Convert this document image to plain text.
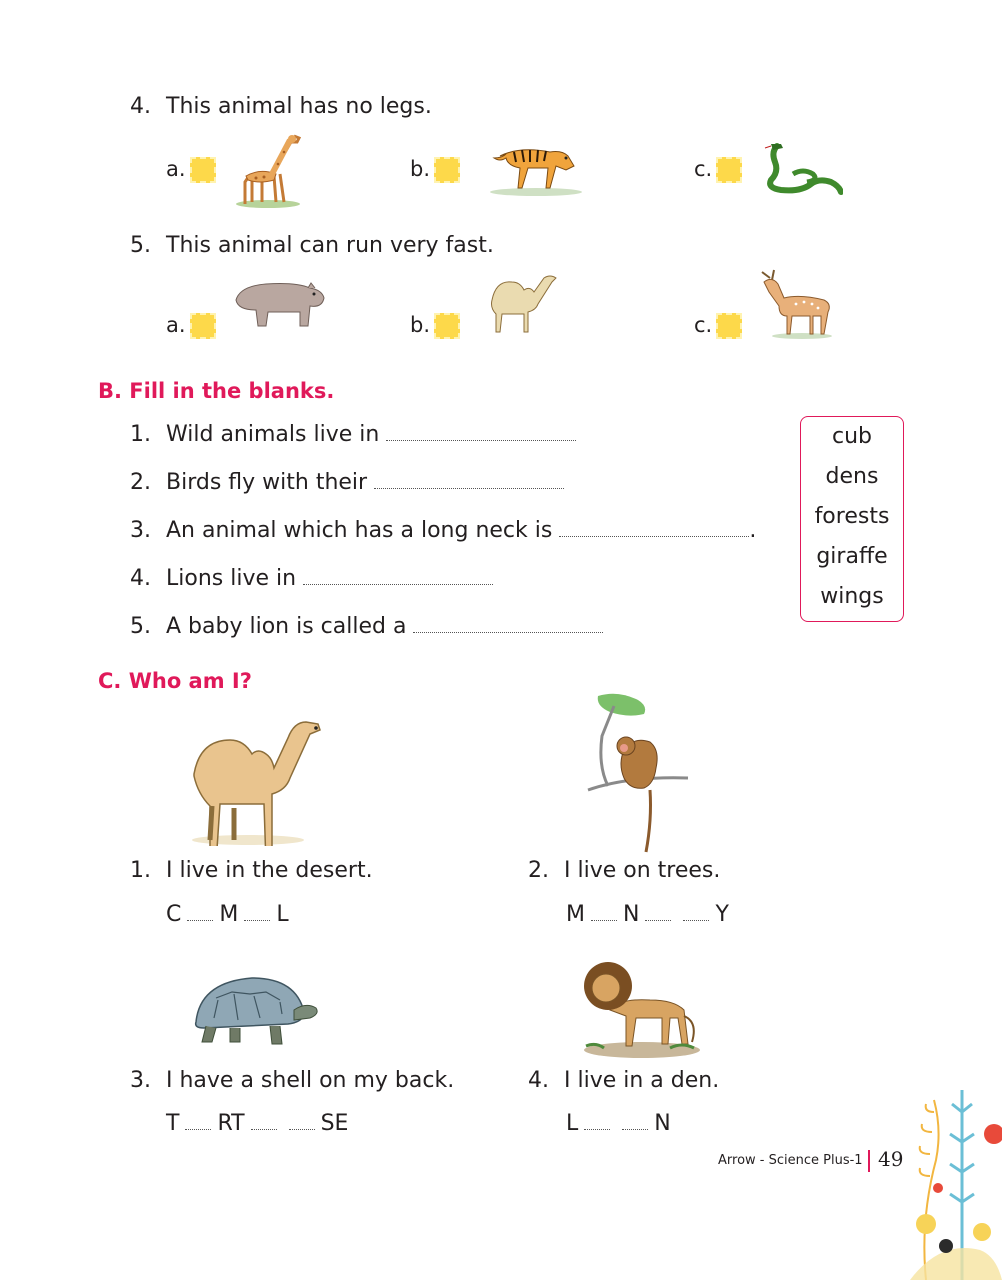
4. This animal has no legs.
a.	b.	c.
5. This animal can run very fast.
a.	b.	c.
B. Fill in the blanks.
1. Wild animals live in
2. Birds fly with their
3. An animal which has a long neck is	.
4. Lions live in
5. A baby lion is called a
cub
dens
forests
giraffe
wings
C. Who am I?
1. I live in the desert.
C M L
2. I live on trees.
M N	Y
3. I have a shell on my back.
T RT	SE
4. I live in a den.
L	N
Arrow - Science Plus-1 49
